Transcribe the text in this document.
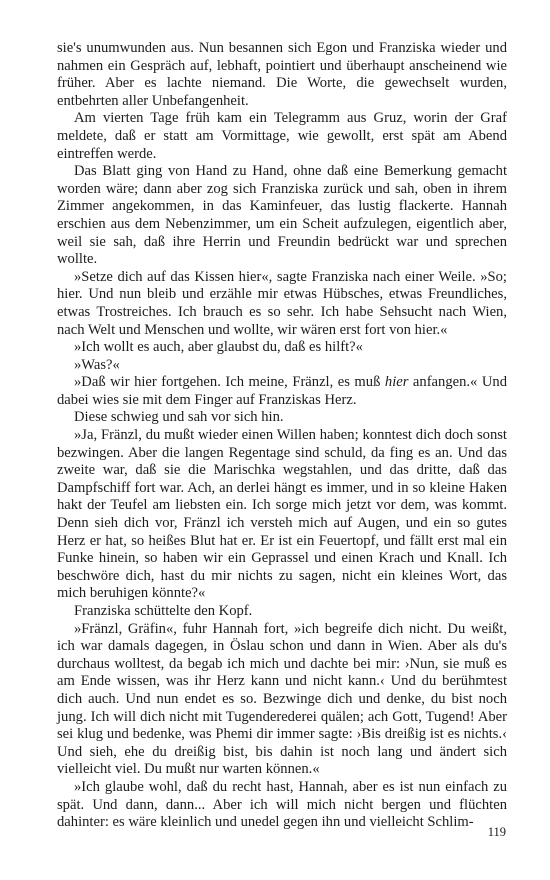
sie's unumwunden aus. Nun besannen sich Egon und Franziska wieder und nahmen ein Gespräch auf, lebhaft, pointiert und überhaupt anscheinend wie früher. Aber es lachte niemand. Die Worte, die gewechselt wurden, entbehrten aller Unbefangenheit.

Am vierten Tage früh kam ein Telegramm aus Gruz, worin der Graf meldete, daß er statt am Vormittage, wie gewollt, erst spät am Abend eintreffen werde.

Das Blatt ging von Hand zu Hand, ohne daß eine Bemerkung gemacht worden wäre; dann aber zog sich Franziska zurück und sah, oben in ihrem Zimmer angekommen, in das Kaminfeuer, das lustig flackerte. Hannah erschien aus dem Nebenzimmer, um ein Scheit aufzulegen, eigentlich aber, weil sie sah, daß ihre Herrin und Freundin bedrückt war und sprechen wollte.

»Setze dich auf das Kissen hier«, sagte Franziska nach einer Weile. »So; hier. Und nun bleib und erzähle mir etwas Hübsches, etwas Freundliches, etwas Trostreiches. Ich brauch es so sehr. Ich habe Sehsucht nach Wien, nach Welt und Menschen und wollte, wir wären erst fort von hier.«

»Ich wollt es auch, aber glaubst du, daß es hilft?«

»Was?«

»Daß wir hier fortgehen. Ich meine, Fränzl, es muß hier anfangen.« Und dabei wies sie mit dem Finger auf Franziskas Herz.

Diese schwieg und sah vor sich hin.

»Ja, Fränzl, du mußt wieder einen Willen haben; konntest dich doch sonst bezwingen. Aber die langen Regentage sind schuld, da fing es an. Und das zweite war, daß sie die Marischka wegstahlen, und das dritte, daß das Dampfschiff fort war. Ach, an derlei hängt es immer, und in so kleine Haken hakt der Teufel am liebsten ein. Ich sorge mich jetzt vor dem, was kommt. Denn sieh dich vor, Fränzl ich versteh mich auf Augen, und ein so gutes Herz er hat, so heißes Blut hat er. Er ist ein Feuertopf, und fällt erst mal ein Funke hinein, so haben wir ein Geprassel und einen Krach und Knall. Ich beschwöre dich, hast du mir nichts zu sagen, nicht ein kleines Wort, das mich beruhigen könnte?«

Franziska schüttelte den Kopf.

»Fränzl, Gräfin«, fuhr Hannah fort, »ich begreife dich nicht. Du weißt, ich war damals dagegen, in Öslau schon und dann in Wien. Aber als du's durchaus wolltest, da begab ich mich und dachte bei mir: ›Nun, sie muß es am Ende wissen, was ihr Herz kann und nicht kann.‹ Und du berühmtest dich auch. Und nun endet es so. Bezwinge dich und denke, du bist noch jung. Ich will dich nicht mit Tugenderederei quälen; ach Gott, Tugend! Aber sei klug und bedenke, was Phemi dir immer sagte: ›Bis dreißig ist es nichts.‹ Und sieh, ehe du dreißig bist, bis dahin ist noch lang und ändert sich vielleicht viel. Du mußt nur warten können.«

»Ich glaube wohl, daß du recht hast, Hannah, aber es ist nun einfach zu spät. Und dann, dann... Aber ich will mich nicht bergen und flüchten dahinter: es wäre kleinlich und unedel gegen ihn und vielleicht Schlim-

119
